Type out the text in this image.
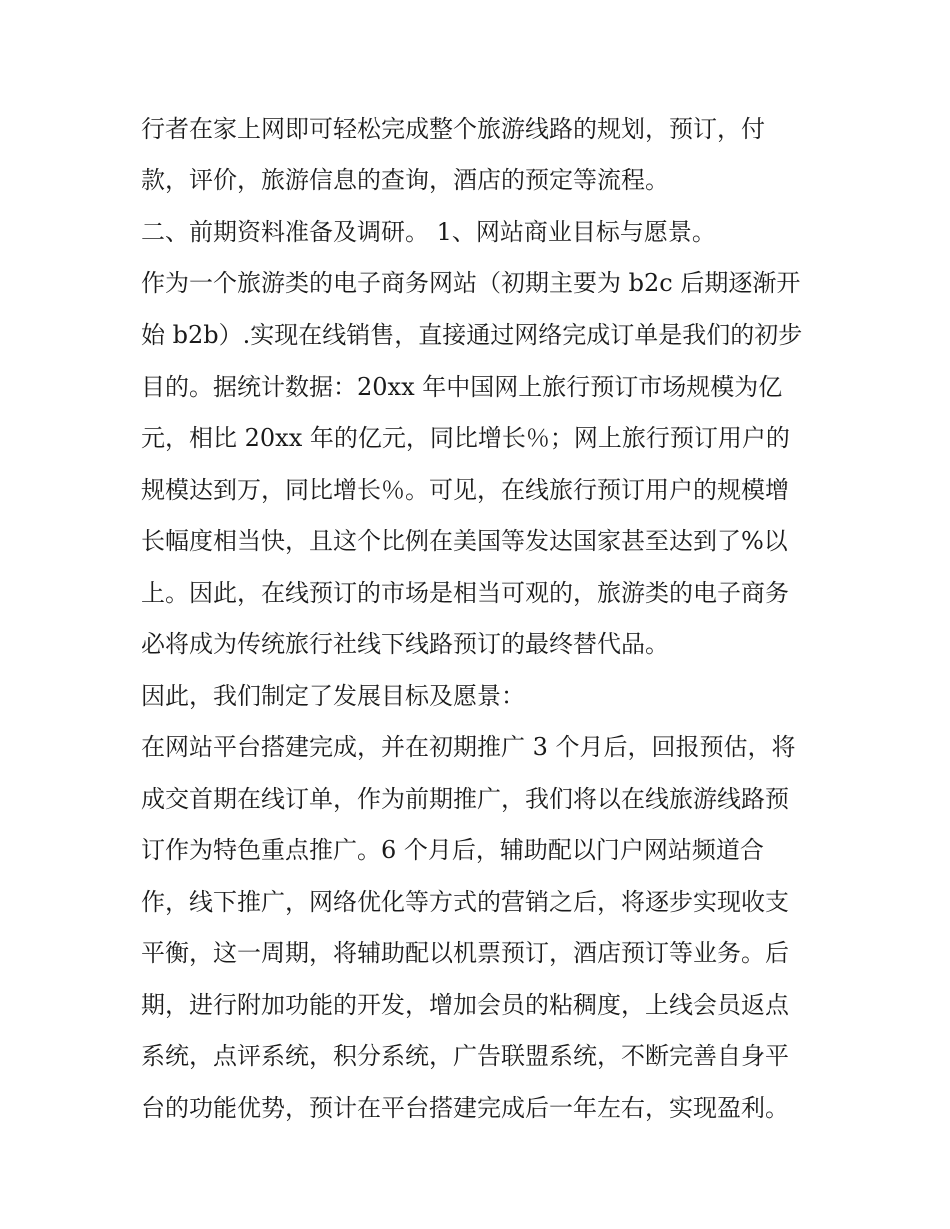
行者在家上网即可轻松完成整个旅游线路的规划，预订，付
款，评价，旅游信息的查询，酒店的预定等流程。
二、前期资料准备及调研。 1、网站商业目标与愿景。
作为一个旅游类的电子商务网站（初期主要为 b2c 后期逐渐开
始 b2b）.实现在线销售，直接通过网络完成订单是我们的初步
目的。据统计数据：20xx 年中国网上旅行预订市场规模为亿
元，相比 20xx 年的亿元，同比增长％；网上旅行预订用户的
规模达到万，同比增长％。可见，在线旅行预订用户的规模增
长幅度相当快，且这个比例在美国等发达国家甚至达到了%以
上。因此，在线预订的市场是相当可观的，旅游类的电子商务
必将成为传统旅行社线下线路预订的最终替代品。
因此，我们制定了发展目标及愿景：
在网站平台搭建完成，并在初期推广 3 个月后，回报预估，将
成交首期在线订单，作为前期推广，我们将以在线旅游线路预
订作为特色重点推广。6 个月后，辅助配以门户网站频道合
作，线下推广，网络优化等方式的营销之后，将逐步实现收支
平衡，这一周期，将辅助配以机票预订，酒店预订等业务。后
期，进行附加功能的开发，增加会员的粘稠度，上线会员返点
系统，点评系统，积分系统，广告联盟系统，不断完善自身平
台的功能优势，预计在平台搭建完成后一年左右，实现盈利。
